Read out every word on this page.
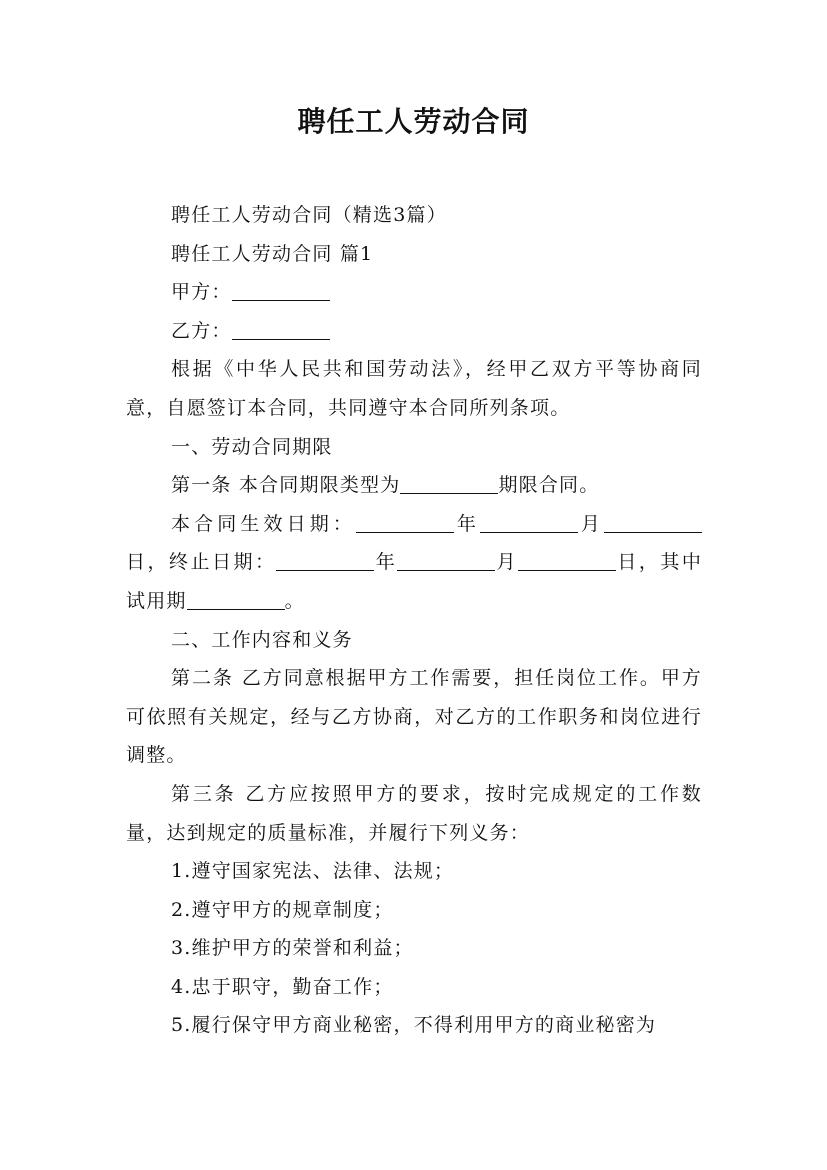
聘任工人劳动合同

聘任工人劳动合同（精选3篇）

聘任工人劳动合同 篇1

甲方：

乙方：

根据《中华人民共和国劳动法》，经甲乙双方平等协商同意，自愿签订本合同，共同遵守本合同所列条项。

一、劳动合同期限

第一条 本合同期限类型为	期限合同。

本合同生效日期：	年	月日，终止日期：	年	月	日，其中试用期	。

二、工作内容和义务

第二条 乙方同意根据甲方工作需要，担任岗位工作。甲方可依照有关规定，经与乙方协商，对乙方的工作职务和岗位进行调整。

第三条 乙方应按照甲方的要求，按时完成规定的工作数量，达到规定的质量标准，并履行下列义务：

1.遵守国家宪法、法律、法规；

2.遵守甲方的规章制度；

3.维护甲方的荣誉和利益；

4.忠于职守，勤奋工作；

5.履行保守甲方商业秘密，不得利用甲方的商业秘密为
